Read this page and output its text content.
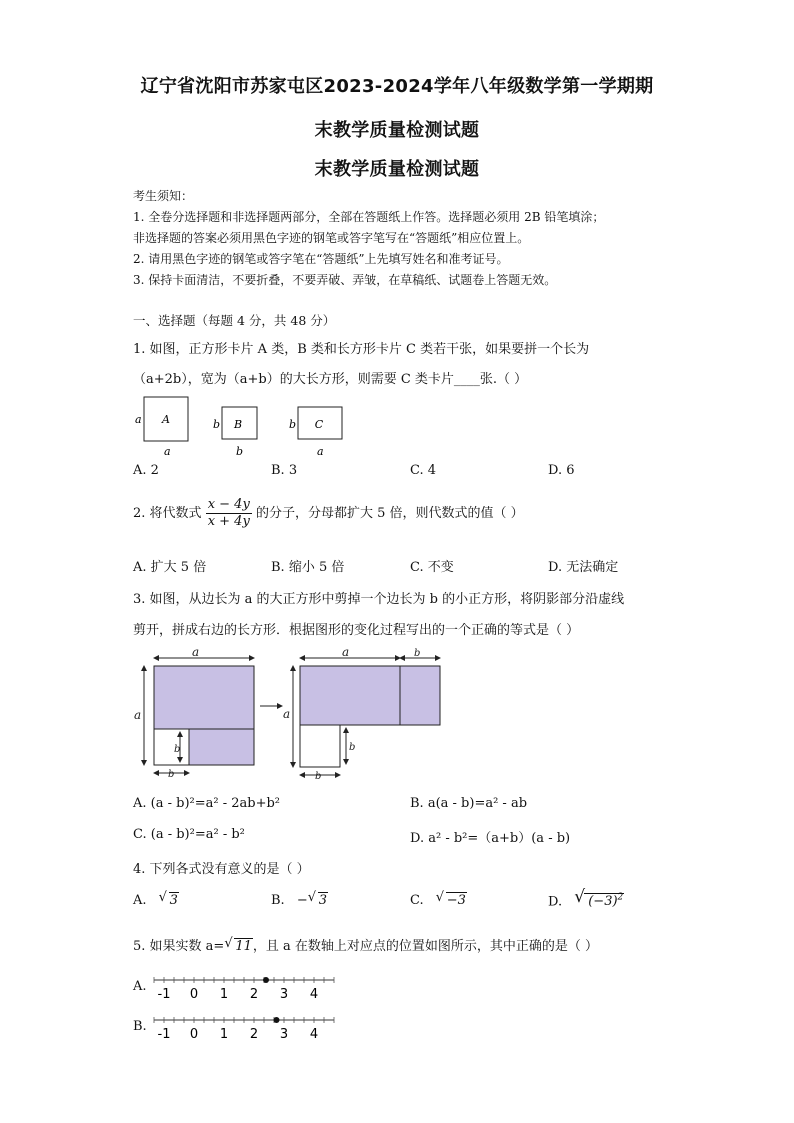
辽宁省沈阳市苏家屯区2023-2024学年八年级数学第一学期期
末教学质量检测试题
末教学质量检测试题
考生须知：
1. 全卷分选择题和非选择题两部分，全部在答题纸上作答。选择题必须用 2B 铅笔填涂；
非选择题的答案必须用黑色字迹的钢笔或答字笔写在“答题纸”相应位置上。
2. 请用黑色字迹的钢笔或答字笔在“答题纸”上先填写姓名和准考证号。
3. 保持卡面清洁，不要折叠，不要弄破、弄皱，在草稿纸、试题卷上答题无效。
一、选择题（每题 4 分，共 48 分）
1. 如图，正方形卡片 A 类，B 类和长方形卡片 C 类若干张，如果要拼一个长为
（a+2b），宽为（a+b）的大长方形，则需要 C 类卡片____张.（ ）
A
a
a
B
b
b
C
b
a
A. 2	B. 3	C. 4	D. 6
2. 将代数式 $\frac{x - 4y}{x + 4y}$ 的分子，分母都扩大 5 倍，则代数式的值（ ）
A. 扩大 5 倍	B. 缩小 5 倍	C. 不变	D. 无法确定
3. 如图，从边长为 a 的大正方形中剪掉一个边长为 b 的小正方形，将阴影部分沿虚线
剪开，拼成右边的长方形．根据图形的变化过程写出的一个正确的等式是（ ）
a
a
b
b
a	b
a
b
b
A. (a - b)²=a² - 2ab+b²	B. a(a - b)=a² - ab
C. (a - b)²=a² - b²	D. a² - b²=（a+b）(a - b)
4. 下列各式没有意义的是（ ）
A. √ 3	B. − √ 3	C. √ −3	D. √ $(-3)^2$
5. 如果实数 a= √ 11，且 a 在数轴上对应点的位置如图所示，其中正确的是（ ）
A.
-1 0 1 2 3 4
B.
-1 0 1 2 3 4
